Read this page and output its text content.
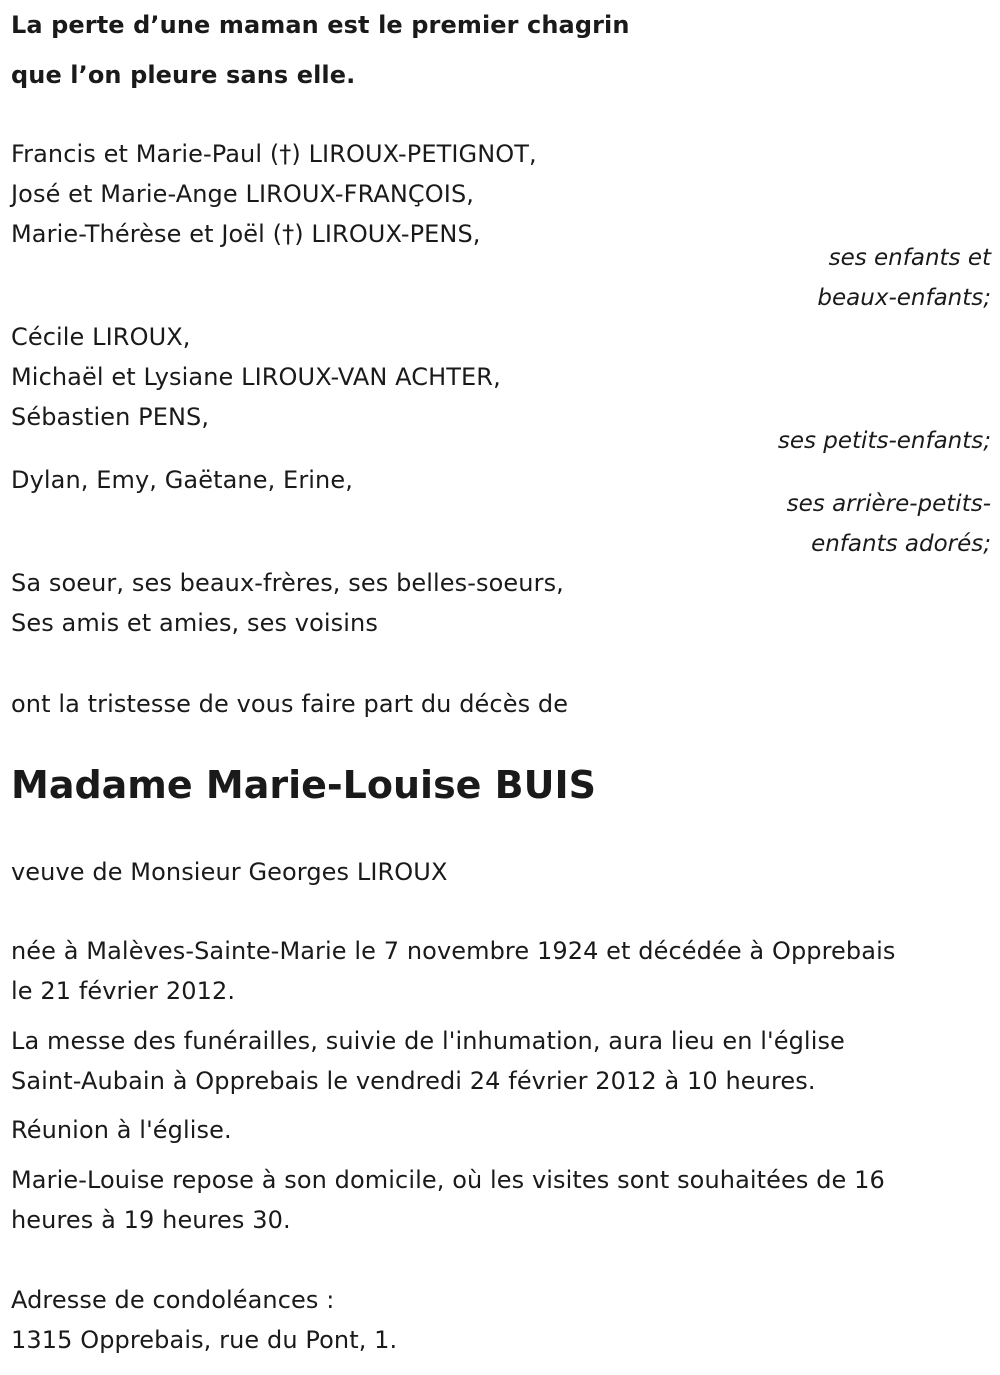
La perte d’une maman est le premier chagrin
que l’on pleure sans elle.
Francis et Marie-Paul (†) LIROUX-PETIGNOT,
José et Marie-Ange LIROUX-FRANÇOIS,
Marie-Thérèse et Joël (†) LIROUX-PENS,
ses enfants et
beaux-enfants;
Cécile LIROUX,
Michaël et Lysiane LIROUX-VAN ACHTER,
Sébastien PENS,
ses petits-enfants;
Dylan, Emy, Gaëtane, Erine,
ses arrière-petits-
enfants adorés;
Sa soeur, ses beaux-frères, ses belles-soeurs,
Ses amis et amies, ses voisins
ont la tristesse de vous faire part du décès de
Madame Marie-Louise BUIS
veuve de Monsieur Georges LIROUX
née à Malèves-Sainte-Marie le 7 novembre 1924 et décédée à Opprebais
le 21 février 2012.
La messe des funérailles, suivie de l'inhumation, aura lieu en l'église
Saint-Aubain à Opprebais le vendredi 24 février 2012 à 10 heures.
Réunion à l'église.
Marie-Louise repose à son domicile, où les visites sont souhaitées de 16
heures à 19 heures 30.
Adresse de condoléances :
1315 Opprebais, rue du Pont, 1.
